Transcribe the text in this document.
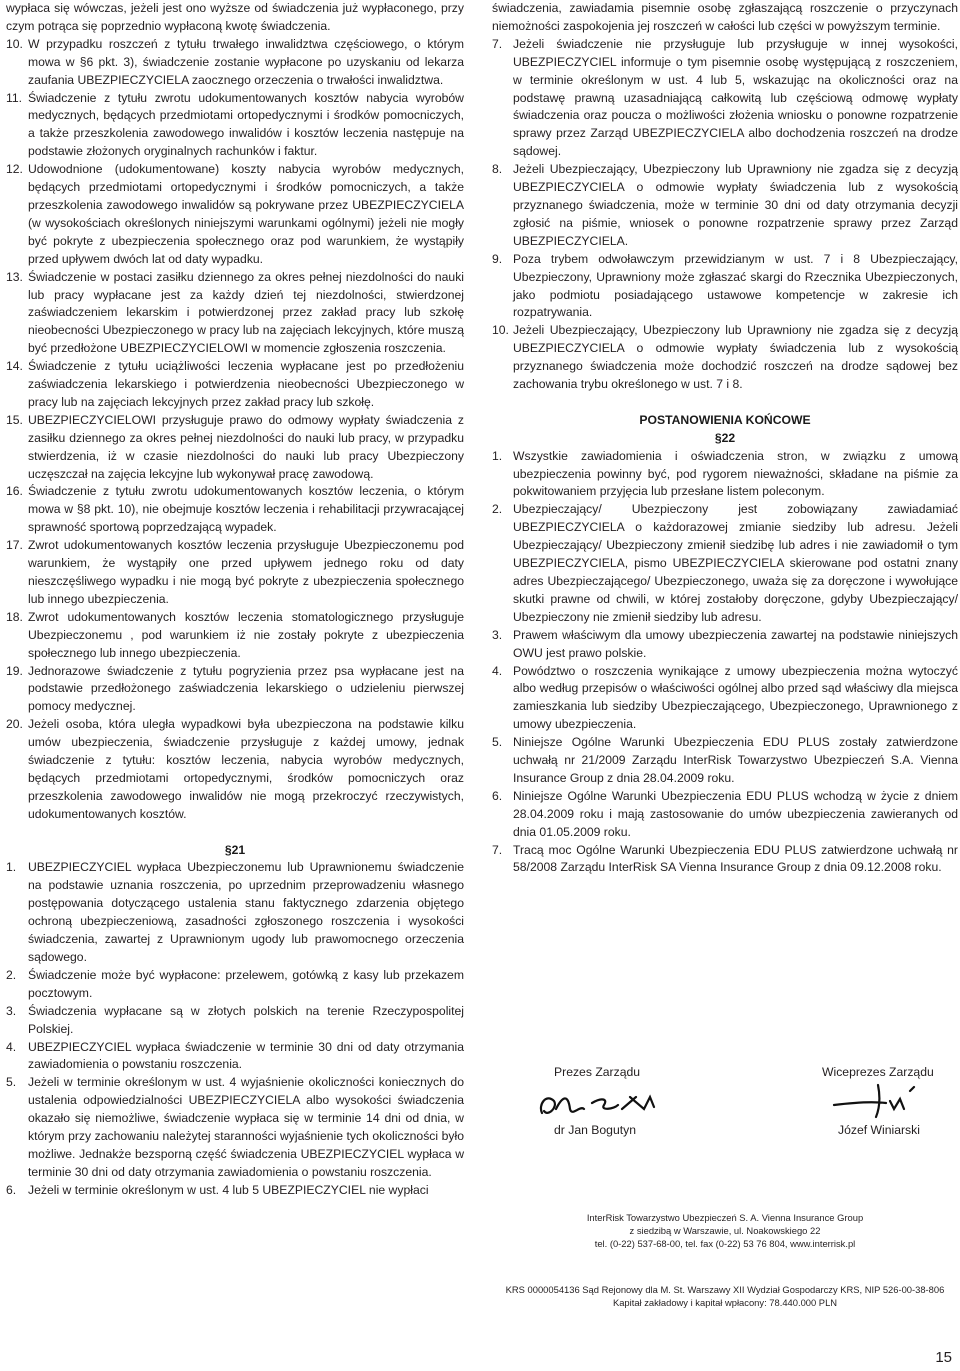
wypłaca się wówczas, jeżeli jest ono wyższe od świadczenia już wypłaconego, przy czym potrąca się poprzednio wypłaconą kwotę świadczenia.

10. W przypadku roszczeń z tytułu trwałego inwalidztwa częściowego, o którym mowa w §6 pkt. 3), świadczenie zostanie wypłacone po uzyskaniu od lekarza zaufania UBEZPIECZYCIELA zaocznego orzeczenia o trwałości inwalidztwa.
11. Świadczenie z tytułu zwrotu udokumentowanych kosztów nabycia wyrobów medycznych, będących przedmiotami ortopedycznymi i środków pomocniczych, a także przeszkolenia zawodowego inwalidów i kosztów leczenia następuje na podstawie złożonych oryginalnych rachunków i faktur.
12. Udowodnione (udokumentowane) koszty nabycia wyrobów medycznych, będących przedmiotami ortopedycznymi i środków pomocniczych, a także przeszkolenia zawodowego inwalidów są pokrywane przez UBEZPIECZYCIELA (w wysokościach określonych niniejszymi warunkami ogólnymi) jeżeli nie mogły być pokryte z ubezpieczenia społecznego oraz pod warunkiem, że wystąpiły przed upływem dwóch lat od daty wypadku.
13. Świadczenie w postaci zasiłku dziennego za okres pełnej niezdolności do nauki lub pracy wypłacane jest za każdy dzień tej niezdolności, stwierdzonej zaświadczeniem lekarskim i potwierdzonej przez zakład pracy lub szkołę nieobecności Ubezpieczonego w pracy lub na zajęciach lekcyjnych, które muszą być przedłożone UBEZPIECZYCIELOWI w momencie zgłoszenia roszczenia.
14. Świadczenie z tytułu uciążliwości leczenia wypłacane jest po przedłożeniu zaświadczenia lekarskiego i potwierdzenia nieobecności Ubezpieczonego w pracy lub na zajęciach lekcyjnych przez zakład pracy lub szkołę.
15. UBEZPIECZYCIELOWI przysługuje prawo do odmowy wypłaty świadczenia z zasiłku dziennego za okres pełnej niezdolności do nauki lub pracy, w przypadku stwierdzenia, iż w czasie niezdolności do nauki lub pracy Ubezpieczony uczęszczał na zajęcia lekcyjne lub wykonywał pracę zawodową.
16. Świadczenie z tytułu zwrotu udokumentowanych kosztów leczenia, o którym mowa w §8 pkt. 10), nie obejmuje kosztów leczenia i rehabilitacji przywracającej sprawność sportową poprzedzającą wypadek.
17. Zwrot udokumentowanych kosztów leczenia przysługuje Ubezpieczonemu pod warunkiem, że wystąpiły one przed upływem jednego roku od daty nieszczęśliwego wypadku i nie mogą być pokryte z ubezpieczenia społecznego lub innego ubezpieczenia.
18. Zwrot udokumentowanych kosztów leczenia stomatologicznego przysługuje Ubezpieczonemu , pod warunkiem iż nie zostały pokryte z ubezpieczenia społecznego lub innego ubezpieczenia.
19. Jednorazowe świadczenie z tytułu pogryzienia przez psa wypłacane jest na podstawie przedłożonego zaświadczenia lekarskiego o udzieleniu pierwszej pomocy medycznej.
20. Jeżeli osoba, która uległa wypadkowi była ubezpieczona na podstawie kilku umów ubezpieczenia, świadczenie przysługuje z każdej umowy, jednak świadczenie z tytułu: kosztów leczenia, nabycia wyrobów medycznych, będących przedmiotami ortopedycznymi, środków pomocniczych oraz przeszkolenia zawodowego inwalidów nie mogą przekroczyć rzeczywistych, udokumentowanych kosztów.
§21
1. UBEZPIECZYCIEL wypłaca Ubezpieczonemu lub Uprawnionemu świadczenie na podstawie uznania roszczenia, po uprzednim przeprowadzeniu własnego postępowania dotyczącego ustalenia stanu faktycznego zdarzenia objętego ochroną ubezpieczeniową, zasadności zgłoszonego roszczenia i wysokości świadczenia, zawartej z Uprawnionym ugody lub prawomocnego orzeczenia sądowego.
2. Świadczenie może być wypłacone: przelewem, gotówką z kasy lub przekazem pocztowym.
3. Świadczenia wypłacane są w złotych polskich na terenie Rzeczypospolitej Polskiej.
4. UBEZPIECZYCIEL wypłaca świadczenie w terminie 30 dni od daty otrzymania zawiadomienia o powstaniu roszczenia.
5. Jeżeli w terminie określonym w ust. 4 wyjaśnienie okoliczności koniecznych do ustalenia odpowiedzialności UBEZPIECZYCIELA albo wysokości świadczenia okazało się niemożliwe, świadczenie wypłaca się w terminie 14 dni od dnia, w którym przy zachowaniu należytej staranności wyjaśnienie tych okoliczności było możliwe. Jednakże bezsporną część świadczenia UBEZPIECZYCIEL wypłaca w terminie 30 dni od daty otrzymania zawiadomienia o powstaniu roszczenia.
6. Jeżeli w terminie określonym w ust. 4 lub 5 UBEZPIECZYCIEL nie wypłaci

świadczenia, zawiadamia pisemnie osobę zgłaszającą roszczenie o przyczynach niemożności zaspokojenia jej roszczeń w całości lub części w powyższym terminie.

7. Jeżeli świadczenie nie przysługuje lub przysługuje w innej wysokości, UBEZPIECZYCIEL informuje o tym pisemnie osobę występującą z roszczeniem, w terminie określonym w ust. 4 lub 5, wskazując na okoliczności oraz na podstawę prawną uzasadniającą całkowitą lub częściową odmowę wypłaty świadczenia oraz poucza o możliwości złożenia wniosku o ponowne rozpatrzenie sprawy przez Zarząd UBEZPIECZYCIELA albo dochodzenia roszczeń na drodze sądowej.
8. Jeżeli Ubezpieczający, Ubezpieczony lub Uprawniony nie zgadza się z decyzją UBEZPIECZYCIELA o odmowie wypłaty świadczenia lub z wysokością przyznanego świadczenia, może w terminie 30 dni od daty otrzymania decyzji zgłosić na piśmie, wniosek o ponowne rozpatrzenie sprawy przez Zarząd UBEZPIECZYCIELA.
9. Poza trybem odwoławczym przewidzianym w ust. 7 i 8 Ubezpieczający, Ubezpieczony, Uprawniony może zgłaszać skargi do Rzecznika Ubezpieczonych, jako podmiotu posiadającego ustawowe kompetencje w zakresie ich rozpatrywania.
10. Jeżeli Ubezpieczający, Ubezpieczony lub Uprawniony nie zgadza się z decyzją UBEZPIECZYCIELA o odmowie wypłaty świadczenia lub z wysokością przyznanego świadczenia może dochodzić roszczeń na drodze sądowej bez zachowania trybu określonego w ust. 7 i 8.
POSTANOWIENIA KOŃCOWE
§22
1. Wszystkie zawiadomienia i oświadczenia stron, w związku z umową ubezpieczenia powinny być, pod rygorem nieważności, składane na piśmie za pokwitowaniem przyjęcia lub przesłane listem poleconym.
2. Ubezpieczający/ Ubezpieczony jest zobowiązany zawiadamiać UBEZPIECZYCIELA o każdorazowej zmianie siedziby lub adresu. Jeżeli Ubezpieczający/ Ubezpieczony zmienił siedzibę lub adres i nie zawiadomił o tym UBEZPIECZYCIELA, pismo UBEZPIECZYCIELA skierowane pod ostatni znany adres Ubezpieczającego/ Ubezpieczonego, uważa się za doręczone i wywołujące skutki prawne od chwili, w której zostałoby doręczone, gdyby Ubezpieczający/ Ubezpieczony nie zmienił siedziby lub adresu.
3. Prawem właściwym dla umowy ubezpieczenia zawartej na podstawie niniejszych OWU jest prawo polskie.
4. Powództwo o roszczenia wynikające z umowy ubezpieczenia można wytoczyć albo według przepisów o właściwości ogólnej albo przed sąd właściwy dla miejsca zamieszkania lub siedziby Ubezpieczającego, Ubezpieczonego, Uprawnionego z umowy ubezpieczenia.
5. Niniejsze Ogólne Warunki Ubezpieczenia EDU PLUS zostały zatwierdzone uchwałą nr 21/2009 Zarządu InterRisk Towarzystwo Ubezpieczeń S.A. Vienna Insurance Group z dnia 28.04.2009 roku.
6. Niniejsze Ogólne Warunki Ubezpieczenia EDU PLUS wchodzą w życie z dniem 28.04.2009 roku i mają zastosowanie do umów ubezpieczenia zawieranych od dnia 01.05.2009 roku.
7. Tracą moc Ogólne Warunki Ubezpieczenia EDU PLUS zatwierdzone uchwałą nr 58/2008 Zarządu InterRisk SA Vienna Insurance Group z dnia 09.12.2008 roku.
Prezes Zarządu	Wiceprezes Zarządu
dr Jan Bogutyn	Józef Winiarski
InterRisk Towarzystwo Ubezpieczeń S. A. Vienna Insurance Group
z siedzibą w Warszawie, ul. Noakowskiego 22
tel. (0-22) 537-68-00, tel. fax (0-22) 53 76 804, www.interrisk.pl
KRS 0000054136 Sąd Rejonowy dla M. St. Warszawy XII Wydział Gospodarczy KRS, NIP 526-00-38-806
Kapitał zakładowy i kapitał wpłacony: 78.440.000 PLN
15
